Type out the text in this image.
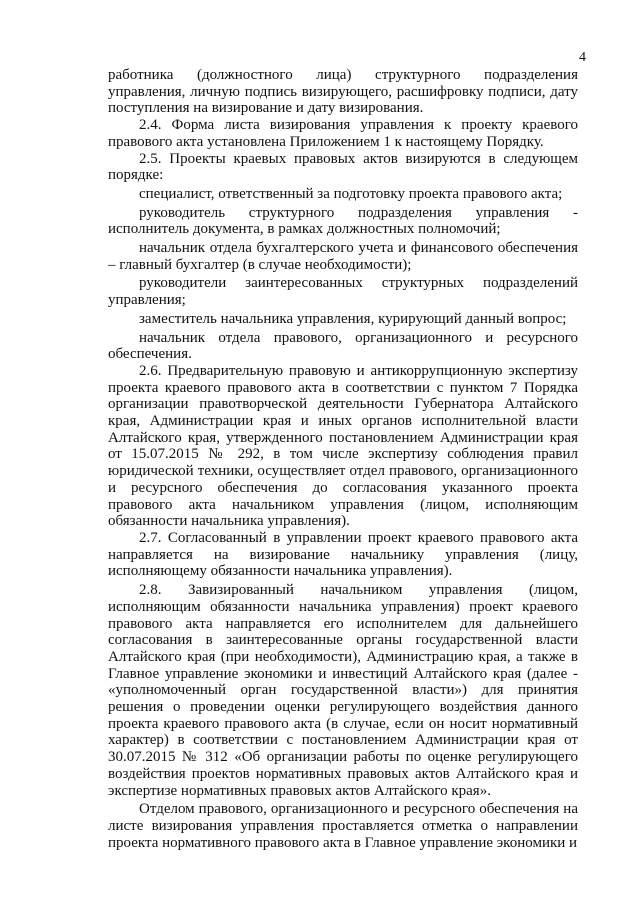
4

работника (должностного лица) структурного подразделения управления, личную подпись визирующего, расшифровку подписи, дату поступления на визирование и дату визирования.

2.4. Форма листа визирования управления к проекту краевого правового акта установлена Приложением 1 к настоящему Порядку.

2.5. Проекты краевых правовых актов визируются в следующем порядке:

специалист, ответственный за подготовку проекта правового акта;

руководитель структурного подразделения управления - исполнитель документа, в рамках должностных полномочий;

начальник отдела бухгалтерского учета и финансового обеспечения – главный бухгалтер (в случае необходимости);

руководители заинтересованных структурных подразделений управления;

заместитель начальника управления, курирующий данный вопрос;

начальник отдела правового, организационного и ресурсного обеспечения.

2.6. Предварительную правовую и антикоррупционную экспертизу проекта краевого правового акта в соответствии с пунктом 7 Порядка организации правотворческой деятельности Губернатора Алтайского края, Администрации края и иных органов исполнительной власти Алтайского края, утвержденного постановлением Администрации края от 15.07.2015 № 292, в том числе экспертизу соблюдения правил юридической техники, осуществляет отдел правового, организационного и ресурсного обеспечения до согласования указанного проекта правового акта начальником управления (лицом, исполняющим обязанности начальника управления).

2.7. Согласованный в управлении проект краевого правового акта направляется на визирование начальнику управления (лицу, исполняющему обязанности начальника управления).

2.8. Завизированный начальником управления (лицом, исполняющим обязанности начальника управления) проект краевого правового акта направляется его исполнителем для дальнейшего согласования в заинтересованные органы государственной власти Алтайского края (при необходимости), Администрацию края, а также в Главное управление экономики и инвестиций Алтайского края (далее - «уполномоченный орган государственной власти») для принятия решения о проведении оценки регулирующего воздействия данного проекта краевого правового акта (в случае, если он носит нормативный характер) в соответствии с постановлением Администрации края от 30.07.2015 № 312 «Об организации работы по оценке регулирующего воздействия проектов нормативных правовых актов Алтайского края и экспертизе нормативных правовых актов Алтайского края».

Отделом правового, организационного и ресурсного обеспечения на листе визирования управления проставляется отметка о направлении проекта нормативного правового акта в Главное управление экономики и
